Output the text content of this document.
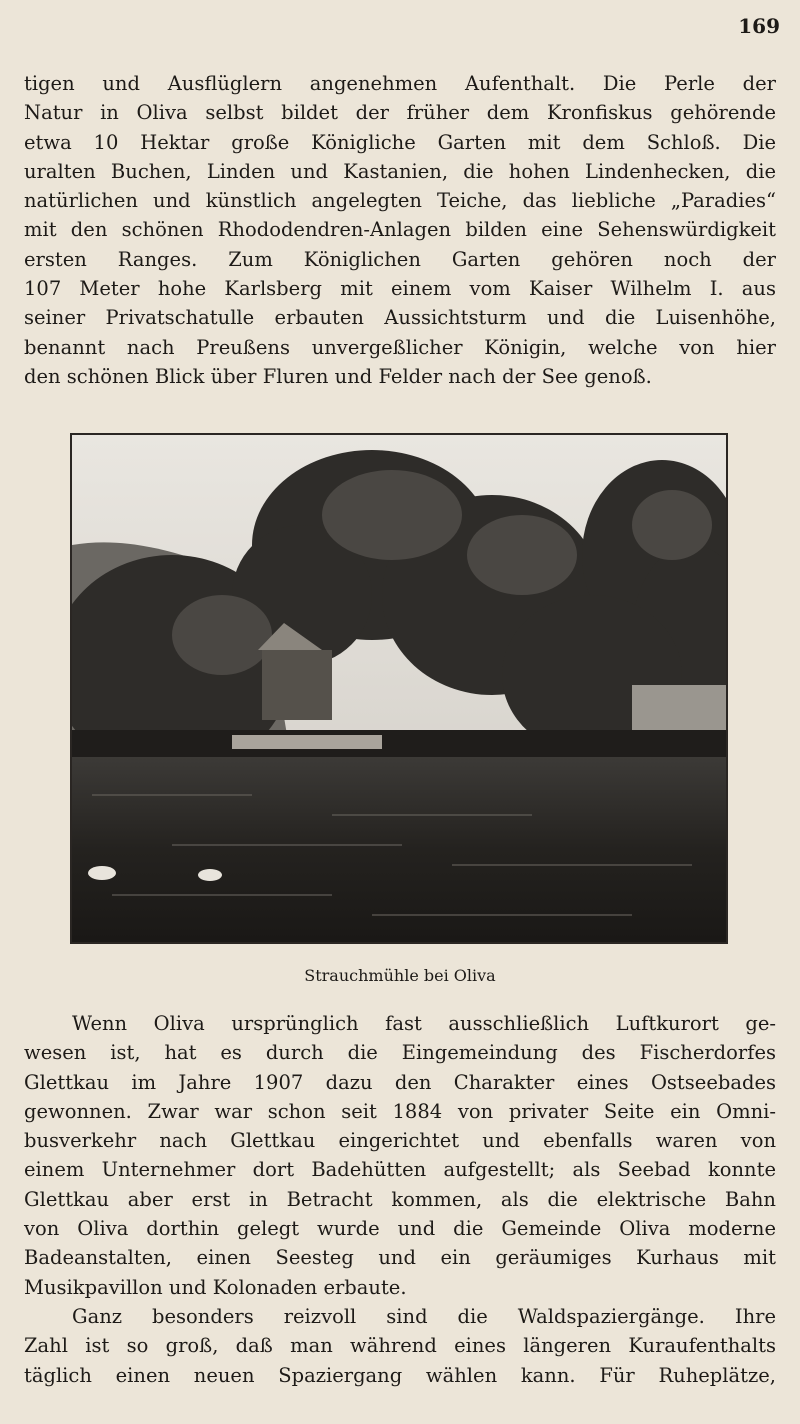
169
tigen und Ausflüglern angenehmen Aufenthalt. Die Perle der
Natur in Oliva selbst bildet der früher dem Kronfiskus gehörende
etwa 10 Hektar große Königliche Garten mit dem Schloß. Die
uralten Buchen, Linden und Kastanien, die hohen Lindenhecken, die
natürlichen und künstlich angelegten Teiche, das liebliche „Paradies“
mit den schönen Rhododendren-Anlagen bilden eine Sehenswürdigkeit
ersten Ranges. Zum Königlichen Garten gehören noch der
107 Meter hohe Karlsberg mit einem vom Kaiser Wilhelm I. aus
seiner Privatschatulle erbauten Aussichtsturm und die Luisenhöhe,
benannt nach Preußens unvergeßlicher Königin, welche von hier
den schönen Blick über Fluren und Felder nach der See genoß.
Strauchmühle bei Oliva
Wenn Oliva ursprünglich fast ausschließlich Luftkurort ge-
wesen ist, hat es durch die Eingemeindung des Fischerdorfes
Glettkau im Jahre 1907 dazu den Charakter eines Ostseebades
gewonnen. Zwar war schon seit 1884 von privater Seite ein Omni-
busverkehr nach Glettkau eingerichtet und ebenfalls waren von
einem Unternehmer dort Badehütten aufgestellt; als Seebad konnte
Glettkau aber erst in Betracht kommen, als die elektrische Bahn
von Oliva dorthin gelegt wurde und die Gemeinde Oliva moderne
Badeanstalten, einen Seesteg und ein geräumiges Kurhaus mit
Musikpavillon und Kolonaden erbaute.
Ganz besonders reizvoll sind die Waldspaziergänge. Ihre
Zahl ist so groß, daß man während eines längeren Kuraufenthalts
täglich einen neuen Spaziergang wählen kann. Für Ruheplätze,
